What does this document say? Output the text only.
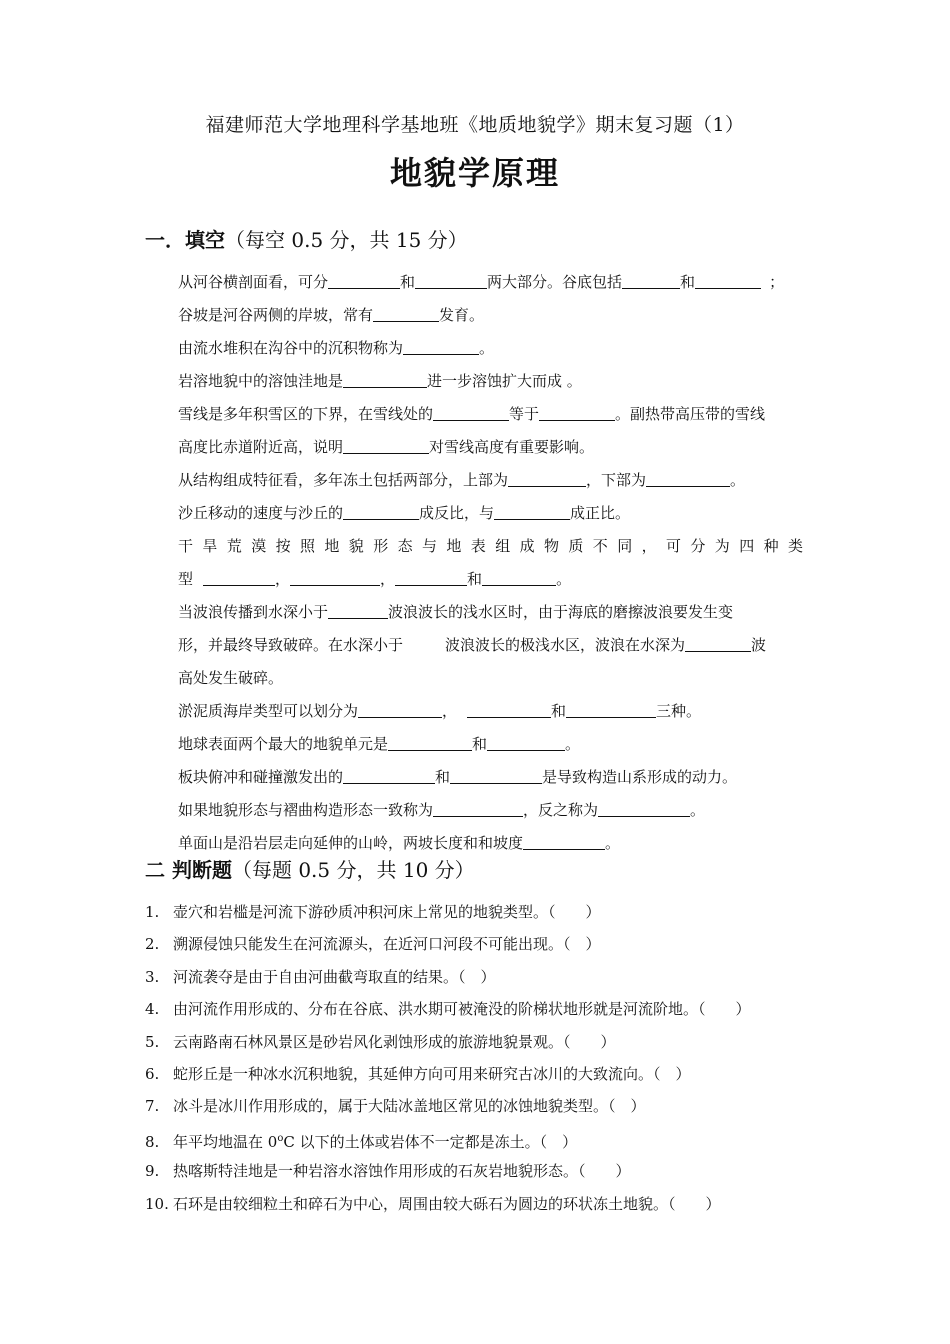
福建师范大学地理科学基地班《地质地貌学》期末复习题（1）
地貌学原理
一．填空（每空 0.5 分，共 15 分）
从河谷横剖面看，可分	和	两大部分。谷底包括	和	；
谷坡是河谷两侧的岸坡，常有	发育。
由流水堆积在沟谷中的沉积物称为	。
岩溶地貌中的溶蚀洼地是	进一步溶蚀扩大而成 。
雪线是多年积雪区的下界，在雪线处的	等于	。副热带高压带的雪线
高度比赤道附近高，说明	对雪线高度有重要影响。
从结构组成特征看，多年冻土包括两部分，上部为	，下部为	。
沙丘移动的速度与沙丘的	成反比，与	成正比。
干旱荒漠按照地貌形态与地表组成物质不同，可分为四种类
型	，	，	和	。
当波浪传播到水深小于	波浪波长的浅水区时，由于海底的磨擦波浪要发生变
形，并最终导致破碎。在水深小于	波浪波长的极浅水区，波浪在水深为	波
高处发生破碎。
淤泥质海岸类型可以划分为	，	和	三种。
地球表面两个最大的地貌单元是	和	。
板块俯冲和碰撞激发出的	和	是导致构造山系形成的动力。
如果地貌形态与褶曲构造形态一致称为	，反之称为	。
单面山是沿岩层走向延伸的山岭，两坡长度和和坡度	。
二 判断题（每题 0.5 分，共 10 分）
1. 壶穴和岩槛是河流下游砂质冲积河床上常见的地貌类型。（　　）
2. 溯源侵蚀只能发生在河流源头，在近河口河段不可能出现。（　）
3. 河流袭夺是由于自由河曲截弯取直的结果。（　）
4. 由河流作用形成的、分布在谷底、洪水期可被淹没的阶梯状地形就是河流阶地。（　　）
5. 云南路南石林风景区是砂岩风化剥蚀形成的旅游地貌景观。（　　）
6. 蛇形丘是一种冰水沉积地貌，其延伸方向可用来研究古冰川的大致流向。（　）
7. 冰斗是冰川作用形成的，属于大陆冰盖地区常见的冰蚀地貌类型。（　）
8. 年平均地温在 0$^o$C 以下的土体或岩体不一定都是冻土。（　）
9. 热喀斯特洼地是一种岩溶水溶蚀作用形成的石灰岩地貌形态。（　　）
10. 石环是由较细粒土和碎石为中心，周围由较大砾石为圆边的环状冻土地貌。（　　）
